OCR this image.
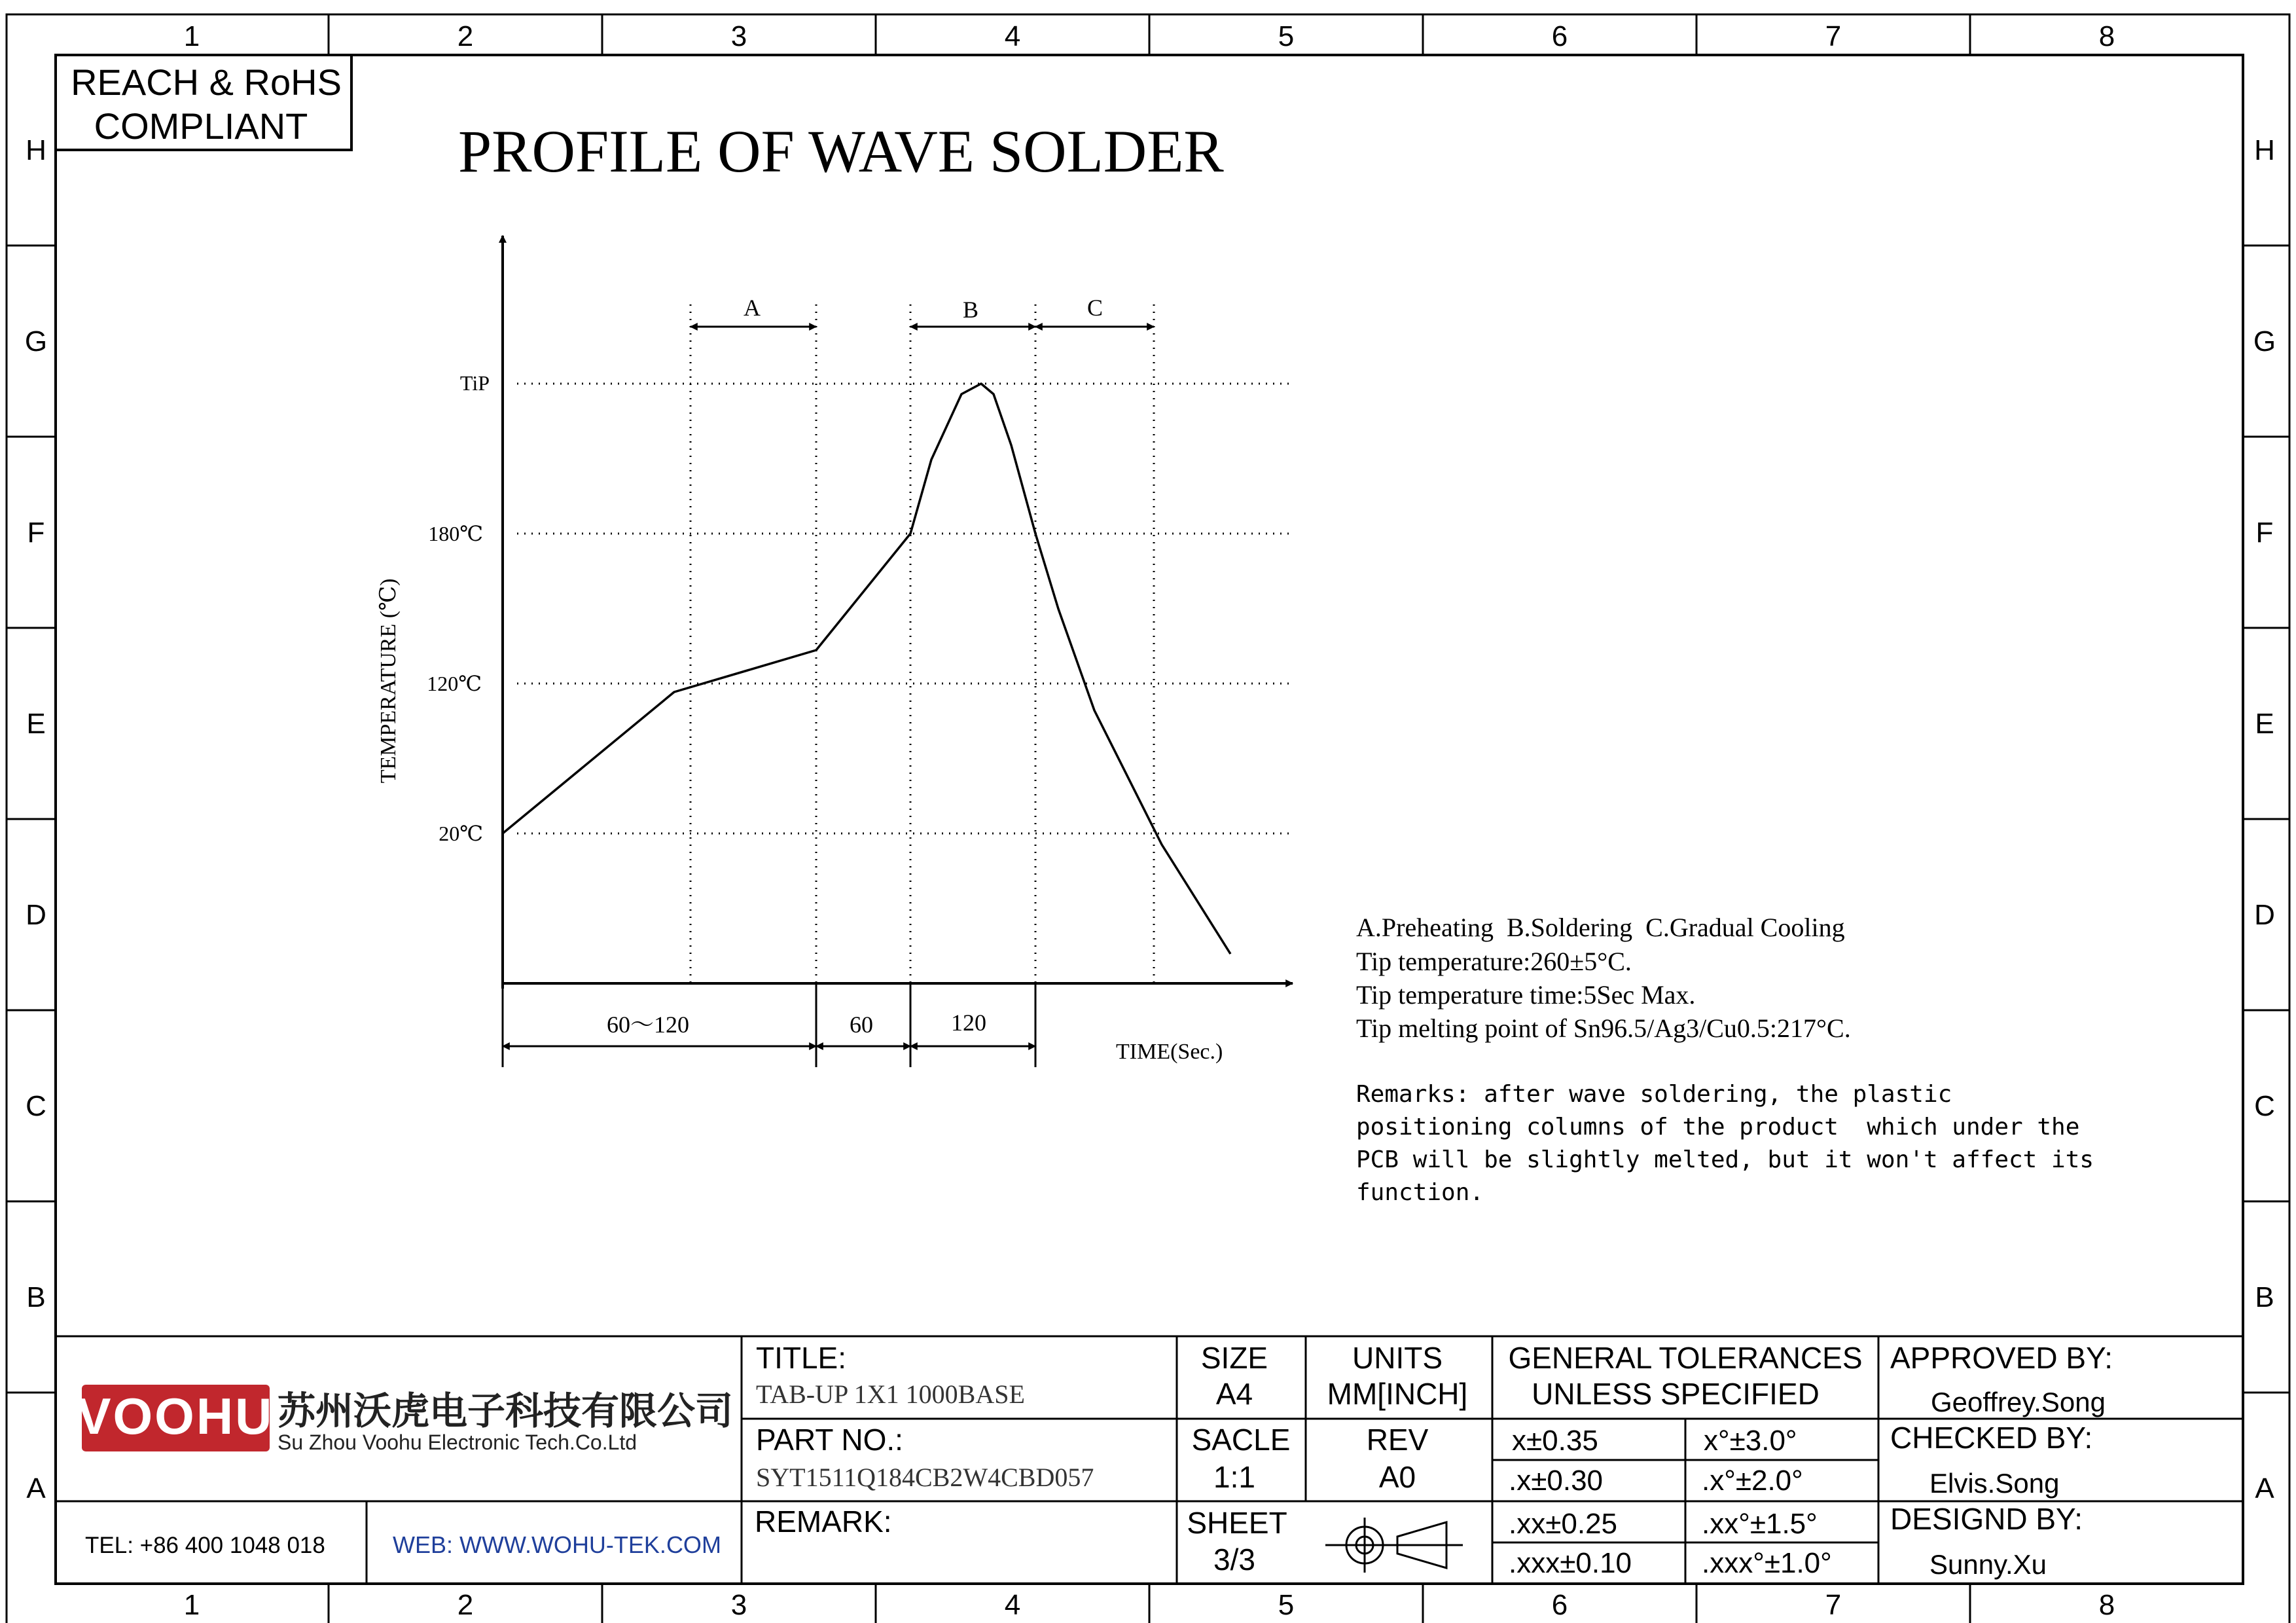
1	2	3	4	5	6	7	8
1	2	3	4	5	6	7	8
H
G
F
E
D
C
B
A
H
G
F
E
D
C
B
A
REACH & RoHS
COMPLIANT PROFILE OF WAVE SOLDER
TiP
180℃
120℃
20℃
TEMPERATURE (℃)
TIME(Sec.)
A	B	C
60～120	60	120
A.Preheating  B.Soldering  C.Gradual Cooling
Tip temperature:260±5°C.
Tip temperature time:5Sec Max.
Tip melting point of Sn96.5/Ag3/Cu0.5:217°C.
Remarks: after wave soldering, the plastic
positioning columns of the product  which under the
PCB will be slightly melted, but it won't affect its
function.
VOOHU 苏州沃虎电子科技有限公司
Su Zhou Voohu Electronic Tech.Co.Ltd
TEL: +86 400 1048 018	WEB: WWW.WOHU-TEK.COM
TITLE:
TAB-UP 1X1 1000BASE
PART NO.:
SYT1511Q184CB2W4CBD057
REMARK:
SIZE
A4
UNITS
MM[INCH]
SACLE
1:1
REV
A0
SHEET
3/3
GENERAL TOLERANCES
UNLESS SPECIFIED
x±0.35	x°±3.0°
.x±0.30	.x°±2.0°
.xx±0.25	.xx°±1.5°
.xxx±0.10 .xxx°±1.0°
APPROVED BY:
Geoffrey.Song
CHECKED BY:
Elvis.Song
DESIGND BY:
Sunny.Xu
